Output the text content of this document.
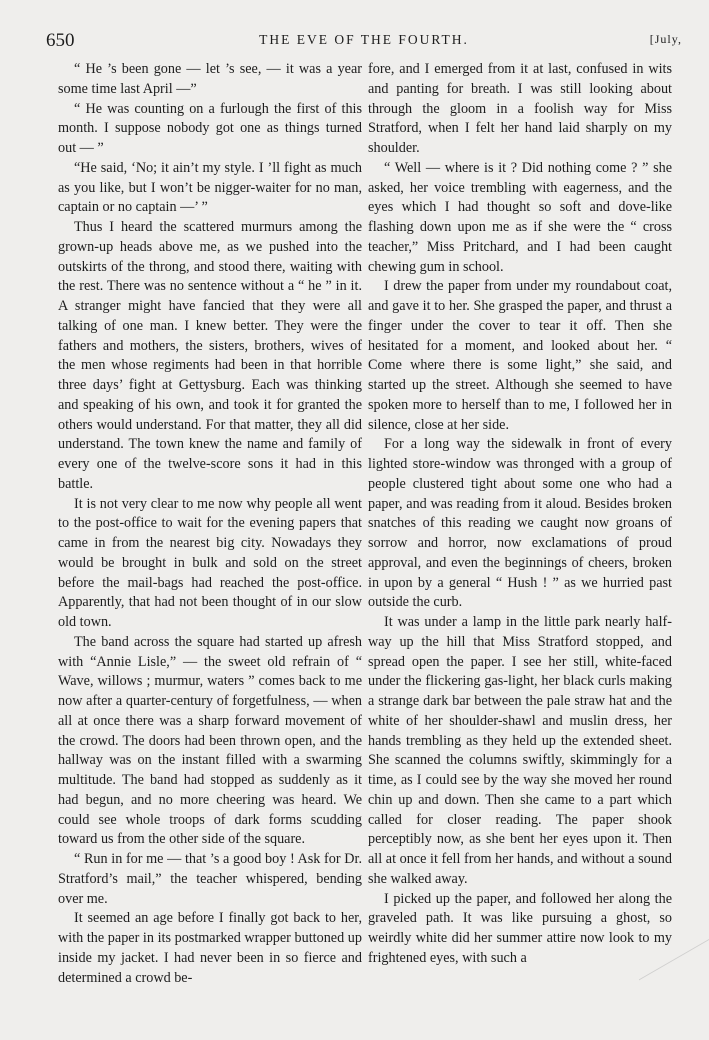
650	THE EVE OF THE FOURTH.	[July,

“ He ’s been gone — let ’s see, — it was a year some time last April —”

“ He was counting on a furlough the first of this month. I suppose nobody got one as things turned out — ”

“He said, ‘No; it ain’t my style. I ’ll fight as much as you like, but I won’t be nigger-waiter for no man, captain or no captain —’ ”

Thus I heard the scattered murmurs among the grown-up heads above me, as we pushed into the outskirts of the throng, and stood there, waiting with the rest. There was no sentence without a “ he ” in it. A stranger might have fancied that they were all talking of one man. I knew better. They were the fathers and mothers, the sisters, brothers, wives of the men whose regiments had been in that horrible three days’ fight at Gettysburg. Each was thinking and speaking of his own, and took it for granted the others would understand. For that matter, they all did understand. The town knew the name and family of every one of the twelve-score sons it had in this battle.

It is not very clear to me now why people all went to the post-office to wait for the evening papers that came in from the nearest big city. Nowadays they would be brought in bulk and sold on the street before the mail-bags had reached the post-office. Apparently, that had not been thought of in our slow old town.

The band across the square had started up afresh with “Annie Lisle,” — the sweet old refrain of “ Wave, willows ; murmur, waters ” comes back to me now after a quarter-century of forgetfulness, — when all at once there was a sharp forward movement of the crowd. The doors had been thrown open, and the hallway was on the instant filled with a swarming multitude. The band had stopped as suddenly as it had begun, and no more cheering was heard. We could see whole troops of dark forms scudding toward us from the other side of the square.

“ Run in for me — that ’s a good boy ! Ask for Dr. Stratford’s mail,” the teacher whispered, bending over me.

It seemed an age before I finally got back to her, with the paper in its postmarked wrapper buttoned up inside my jacket. I had never been in so fierce and determined a crowd be-

fore, and I emerged from it at last, confused in wits and panting for breath. I was still looking about through the gloom in a foolish way for Miss Stratford, when I felt her hand laid sharply on my shoulder.

“ Well — where is it ? Did nothing come ? ” she asked, her voice trembling with eagerness, and the eyes which I had thought so soft and dove-like flashing down upon me as if she were the “ cross teacher,” Miss Pritchard, and I had been caught chewing gum in school.

I drew the paper from under my roundabout coat, and gave it to her. She grasped the paper, and thrust a finger under the cover to tear it off. Then she hesitated for a moment, and looked about her. “ Come where there is some light,” she said, and started up the street. Although she seemed to have spoken more to herself than to me, I followed her in silence, close at her side.

For a long way the sidewalk in front of every lighted store-window was thronged with a group of people clustered tight about some one who had a paper, and was reading from it aloud. Besides broken snatches of this reading we caught now groans of sorrow and horror, now exclamations of proud approval, and even the beginnings of cheers, broken in upon by a general “ Hush ! ” as we hurried past outside the curb.

It was under a lamp in the little park nearly half-way up the hill that Miss Stratford stopped, and spread open the paper. I see her still, white-faced under the flickering gas-light, her black curls making a strange dark bar between the pale straw hat and the white of her shoulder-shawl and muslin dress, her hands trembling as they held up the extended sheet. She scanned the columns swiftly, skimmingly for a time, as I could see by the way she moved her round chin up and down. Then she came to a part which called for closer reading. The paper shook perceptibly now, as she bent her eyes upon it. Then all at once it fell from her hands, and without a sound she walked away.

I picked up the paper, and followed her along the graveled path. It was like pursuing a ghost, so weirdly white did her summer attire now look to my frightened eyes, with such a
